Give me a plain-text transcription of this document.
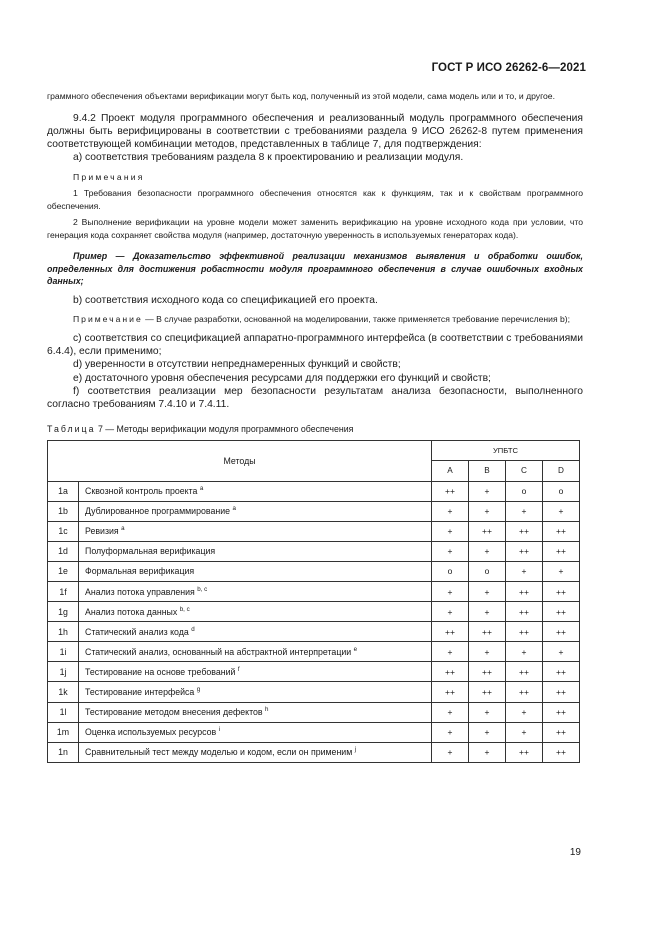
ГОСТ Р ИСО 26262-6—2021

граммного обеспечения объектами верификации могут быть код, полученный из этой модели, сама модель или и то, и другое.

9.4.2 Проект модуля программного обеспечения и реализованный модуль программного обеспечения должны быть верифицированы в соответствии с требованиями раздела 9 ИСО 26262-8 путем применения соответствующей комбинации методов, представленных в таблице 7, для подтверждения:

a) соответствия требованиям раздела 8 к проектированию и реализации модуля.

Примечания

1 Требования безопасности программного обеспечения относятся как к функциям, так и к свойствам программного обеспечения.

2 Выполнение верификации на уровне модели может заменить верификацию на уровне исходного кода при условии, что генерация кода сохраняет свойства модуля (например, достаточную уверенность в используемых генераторах кода).

Пример — Доказательство эффективной реализации механизмов выявления и обработки ошибок, определенных для достижения робастности модуля программного обеспечения в случае ошибочных входных данных;

b) соответствия исходного кода со спецификацией его проекта.

Примечание — В случае разработки, основанной на моделировании, также применяется требование перечисления b);

c) соответствия со спецификацией аппаратно-программного интерфейса (в соответствии с требованиями 6.4.4), если применимо;

d) уверенности в отсутствии непреднамеренных функций и свойств;

e) достаточного уровня обеспечения ресурсами для поддержки его функций и свойств;

f) соответствия реализации мер безопасности результатам анализа безопасности, выполненного согласно требованиям 7.4.10 и 7.4.11.

Таблица 7 — Методы верификации модуля программного обеспечения
Методы		УПБТС			
		A	B	C	D
1a	Сквозной контроль проекта $^a$	++	+	o	o
1b	Дублированное программирование $^a$	+	+	+	+
1c	Ревизия $^a$	+	++	++	++
1d	Полуформальная верификация	+	+	++	++
1e	Формальная верификация	o	o	+	+
1f	Анализ потока управления $^{b, c}$	+	+	++	++
1g	Анализ потока данных $^{b, c}$	+	+	++	++
1h	Статический анализ кода $^d$	++	++	++	++
1i	Статический анализ, основанный на абстрактной интерпретации $^e$	+	+	+	+
1j	Тестирование на основе требований $^f$	++	++	++	++
1k	Тестирование интерфейса $^g$	++	++	++	++
1l	Тестирование методом внесения дефектов $^h$	+	+	+	++
1m	Оценка используемых ресурсов $^i$	+	+	+	++
1n	Сравнительный тест между моделью и кодом, если он применим $^j$	+	+	++	++
19
